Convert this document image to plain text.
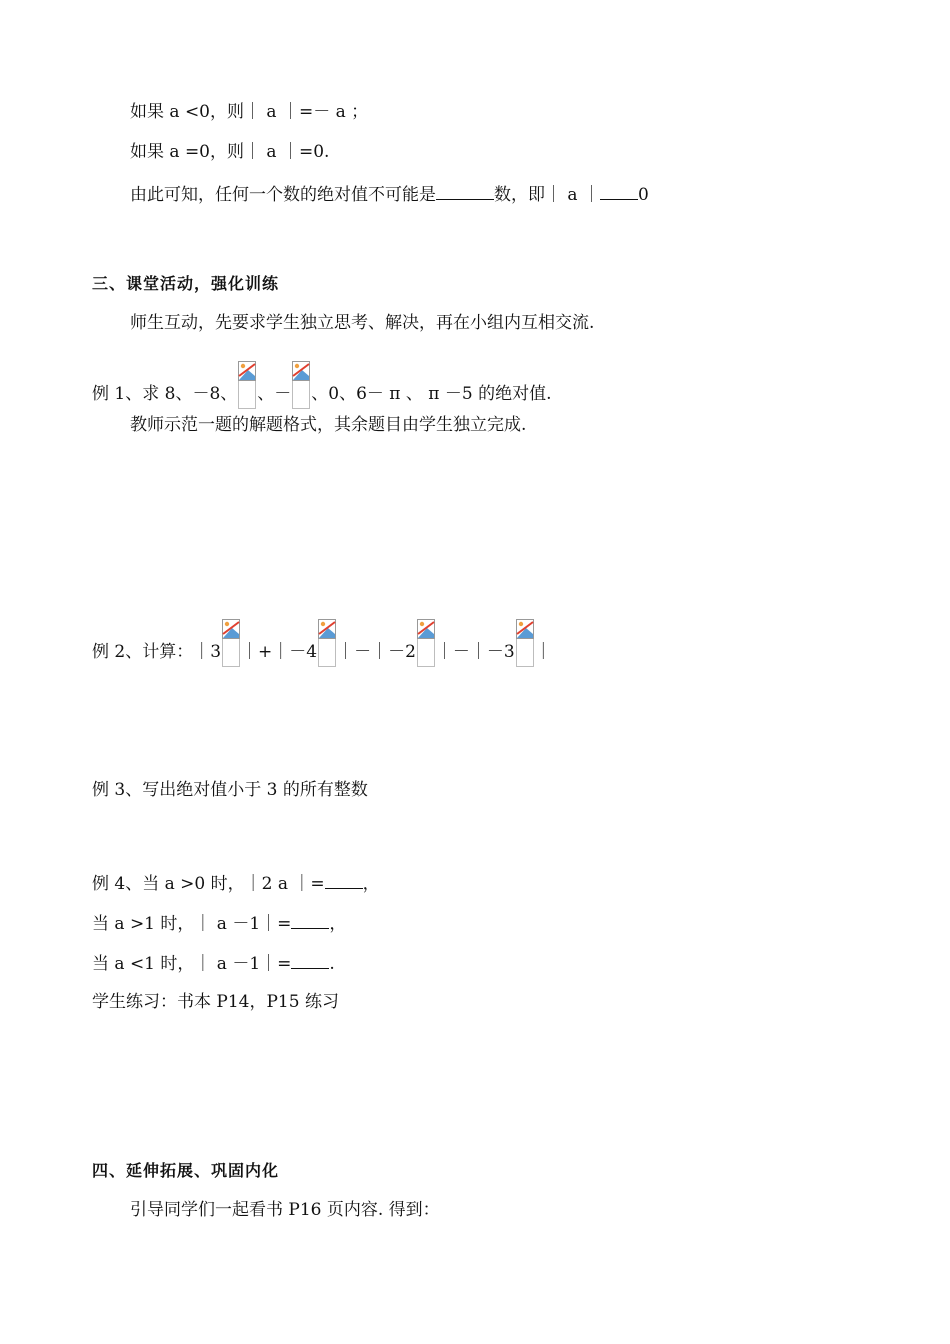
如果 a <0，则｜ a ｜=－ a ；
如果 a =0，则｜ a ｜=0.
由此可知，任何一个数的绝对值不可能是	数，即｜ a ｜ 0
三、课堂活动，强化训练
师生互动，先要求学生独立思考、解决，再在小组内互相交流.
例 1、求 8、－8、 、－ 、0、6－ π 、 π －5 的绝对值.
教师示范一题的解题格式，其余题目由学生独立完成.
例 2、计算：｜3 ｜+｜－4 ｜－｜－2 ｜－｜－3 ｜
例 3、写出绝对值小于 3 的所有整数
例 4、当 a >0 时，｜2 a ｜= ，
当 a >1 时，｜ a －1｜= ，
当 a <1 时，｜ a －1｜= .
学生练习：书本 P14，P15 练习
四、延伸拓展、巩固内化
引导同学们一起看书 P16 页内容. 得到：
